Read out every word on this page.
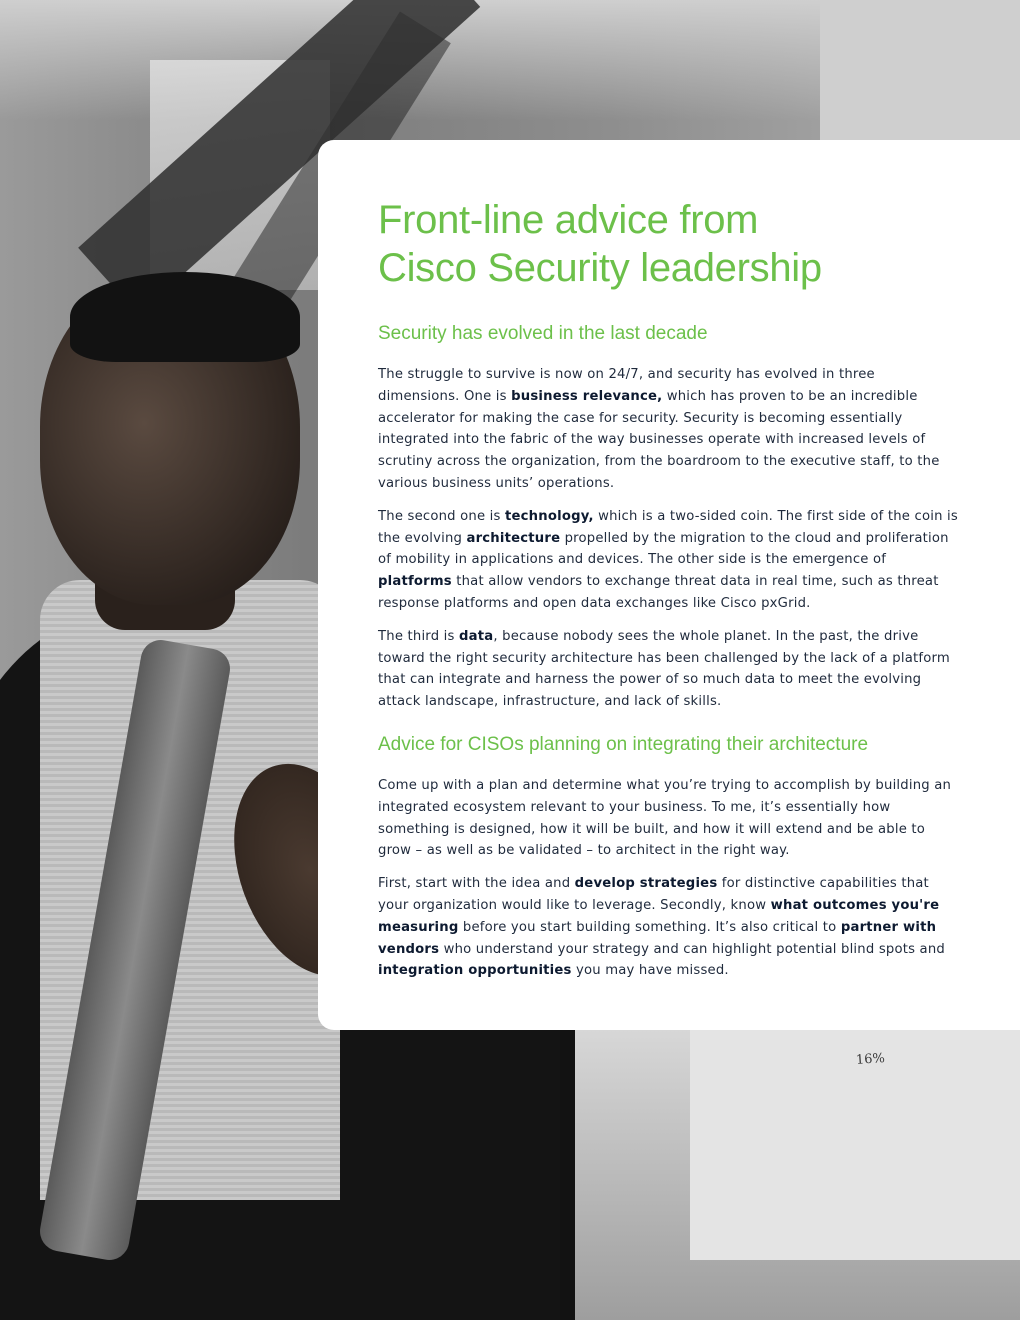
16%
Front-line advice from
Cisco Security leadership
Security has evolved in the last decade

The struggle to survive is now on 24/7, and security has evolved in three dimensions. One is business relevance, which has proven to be an incredible accelerator for making the case for security. Security is becoming essentially integrated into the fabric of the way businesses operate with increased levels of scrutiny across the organization, from the boardroom to the executive staff, to the various business units’ operations.

The second one is technology, which is a two-sided coin. The first side of the coin is the evolving architecture propelled by the migration to the cloud and proliferation of mobility in applications and devices. The other side is the emergence of platforms that allow vendors to exchange threat data in real time, such as threat response platforms and open data exchanges like Cisco pxGrid.

The third is data, because nobody sees the whole planet. In the past, the drive toward the right security architecture has been challenged by the lack of a platform that can integrate and harness the power of so much data to meet the evolving attack landscape, infrastructure, and lack of skills.

Advice for CISOs planning on integrating their architecture

Come up with a plan and determine what you’re trying to accomplish by building an integrated ecosystem relevant to your business. To me, it’s essentially how something is designed, how it will be built, and how it will extend and be able to grow – as well as be validated – to architect in the right way.

First, start with the idea and develop strategies for distinctive capabilities that your organization would like to leverage. Secondly, know what outcomes you're measuring before you start building something. It’s also critical to partner with vendors who understand your strategy and can highlight potential blind spots and integration opportunities you may have missed.
